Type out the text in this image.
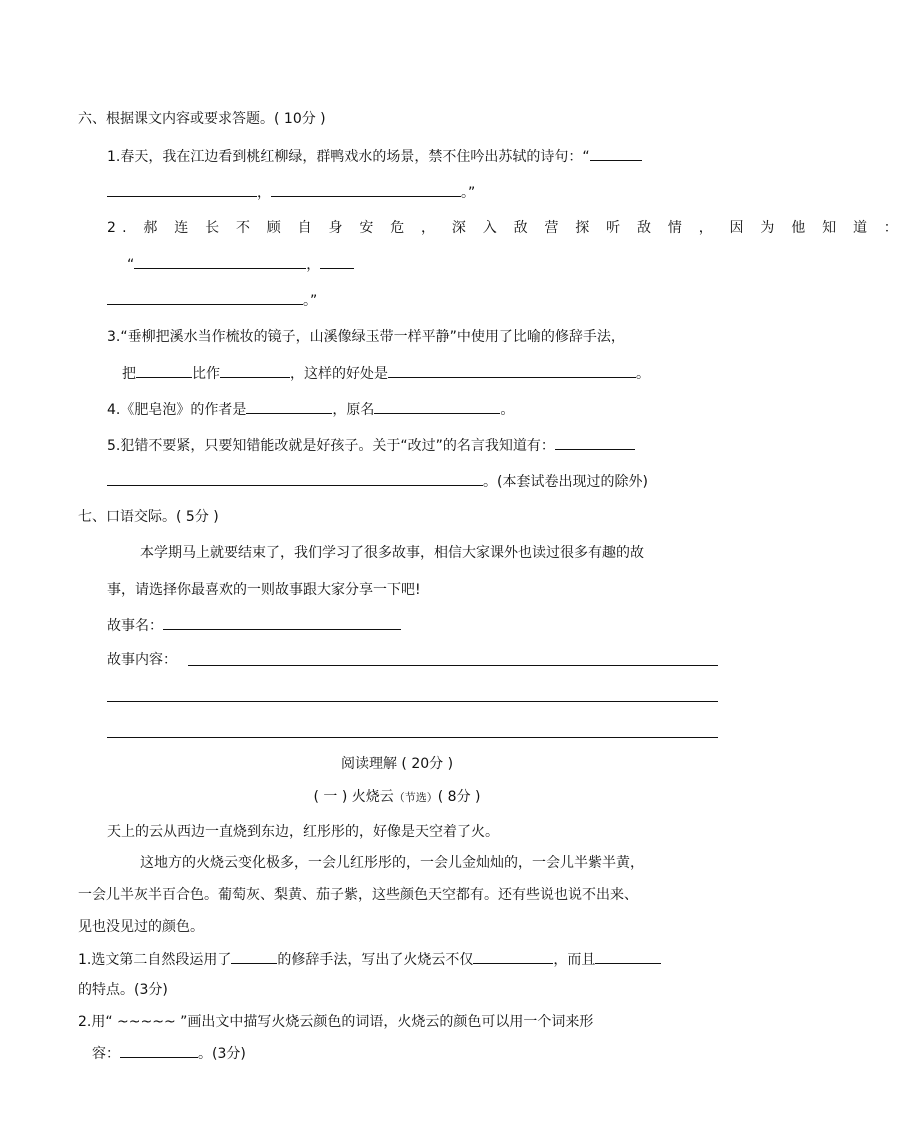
六、根据课文内容或要求答题。( 10分 )
1.春天，我在江边看到桃红柳绿，群鸭戏水的场景，禁不住吟出苏轼的诗句：“
，	。”
2. 郝 连 长 不 顾 自 身 安 危 ， 深 入 敌 营 探 听 敌 情 ， 因 为 他 知 道 ：
“	，
。”
3.“垂柳把溪水当作梳妆的镜子，山溪像绿玉带一样平静”中使用了比喻的修辞手法，
把	比作	，这样的好处是	。
4.《肥皂泡》的作者是	，原名	。
5.犯错不要紧，只要知错能改就是好孩子。关于“改过”的名言我知道有：
。(本套试卷出现过的除外)
七、口语交际。( 5分 )
本学期马上就要结束了，我们学习了很多故事，相信大家课外也读过很多有趣的故
事，请选择你最喜欢的一则故事跟大家分享一下吧!
故事名：
故事内容：
阅读理解 ( 20分 )
( 一 ) 火烧云（节选）( 8分 )
天上的云从西边一直烧到东边，红彤彤的，好像是天空着了火。
这地方的火烧云变化极多，一会儿红彤彤的，一会儿金灿灿的，一会儿半紫半黄，
一会儿半灰半百合色。葡萄灰、梨黄、茄子紫，这些颜色天空都有。还有些说也说不出来、
见也没见过的颜色。
1.选文第二自然段运用了	的修辞手法，写出了火烧云不仅	，而且
的特点。(3分)
2.用“ ~~~~~ ”画出文中描写火烧云颜色的词语，火烧云的颜色可以用一个词来形
容：	。(3分)
